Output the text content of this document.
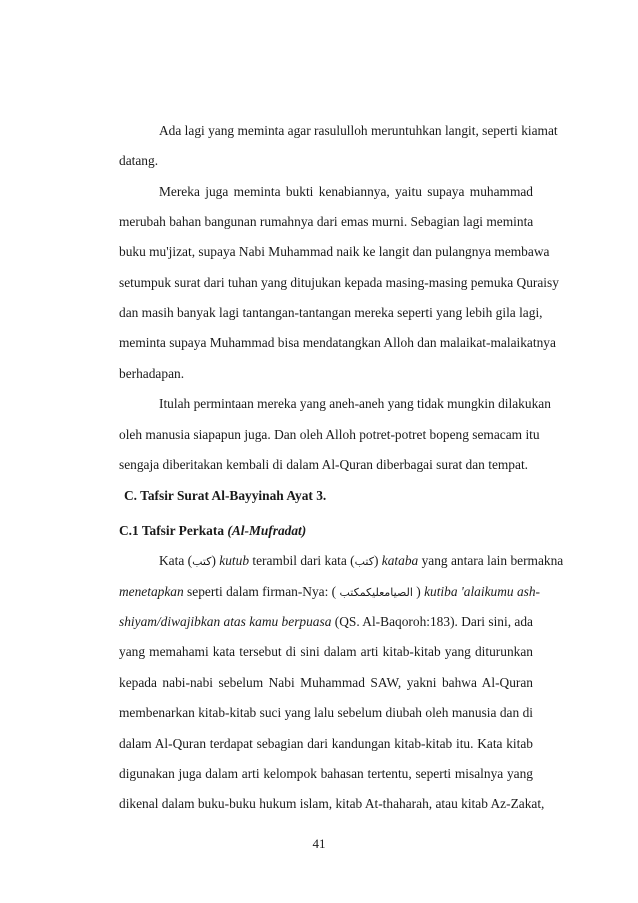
Ada lagi yang meminta agar rasululloh meruntuhkan langit, seperti kiamat
datang.
Mereka juga meminta bukti kenabiannya, yaitu supaya muhammad
merubah bahan bangunan rumahnya dari emas murni. Sebagian lagi meminta
buku mu'jizat, supaya Nabi Muhammad naik ke langit dan pulangnya membawa
setumpuk surat dari tuhan yang ditujukan kepada masing-masing pemuka Quraisy
dan masih banyak lagi tantangan-tantangan mereka seperti yang lebih gila lagi,
meminta supaya Muhammad bisa mendatangkan Alloh dan malaikat-malaikatnya
berhadapan.
Itulah permintaan mereka yang aneh-aneh yang tidak mungkin dilakukan
oleh manusia siapapun juga. Dan oleh Alloh potret-potret bopeng semacam itu
sengaja diberitakan kembali di dalam Al-Quran diberbagai surat dan tempat.
C. Tafsir Surat Al-Bayyinah Ayat 3.
C.1 Tafsir Perkata (Al-Mufradat)
Kata (كتب) kutub terambil dari kata (كتب) kataba yang antara lain bermakna
menetapkan seperti dalam firman-Nya: ( الصيامعليكمكتب ) kutiba 'alaikumu ash-
shiyam/diwajibkan atas kamu berpuasa (QS. Al-Baqoroh:183). Dari sini, ada
yang memahami kata tersebut di sini dalam arti kitab-kitab yang diturunkan
kepada nabi-nabi sebelum Nabi Muhammad SAW, yakni bahwa Al-Quran
membenarkan kitab-kitab suci yang lalu sebelum diubah oleh manusia dan di
dalam Al-Quran terdapat sebagian dari kandungan kitab-kitab itu. Kata kitab
digunakan juga dalam arti kelompok bahasan tertentu, seperti misalnya yang
dikenal dalam buku-buku hukum islam, kitab At-thaharah, atau kitab Az-Zakat,
41
